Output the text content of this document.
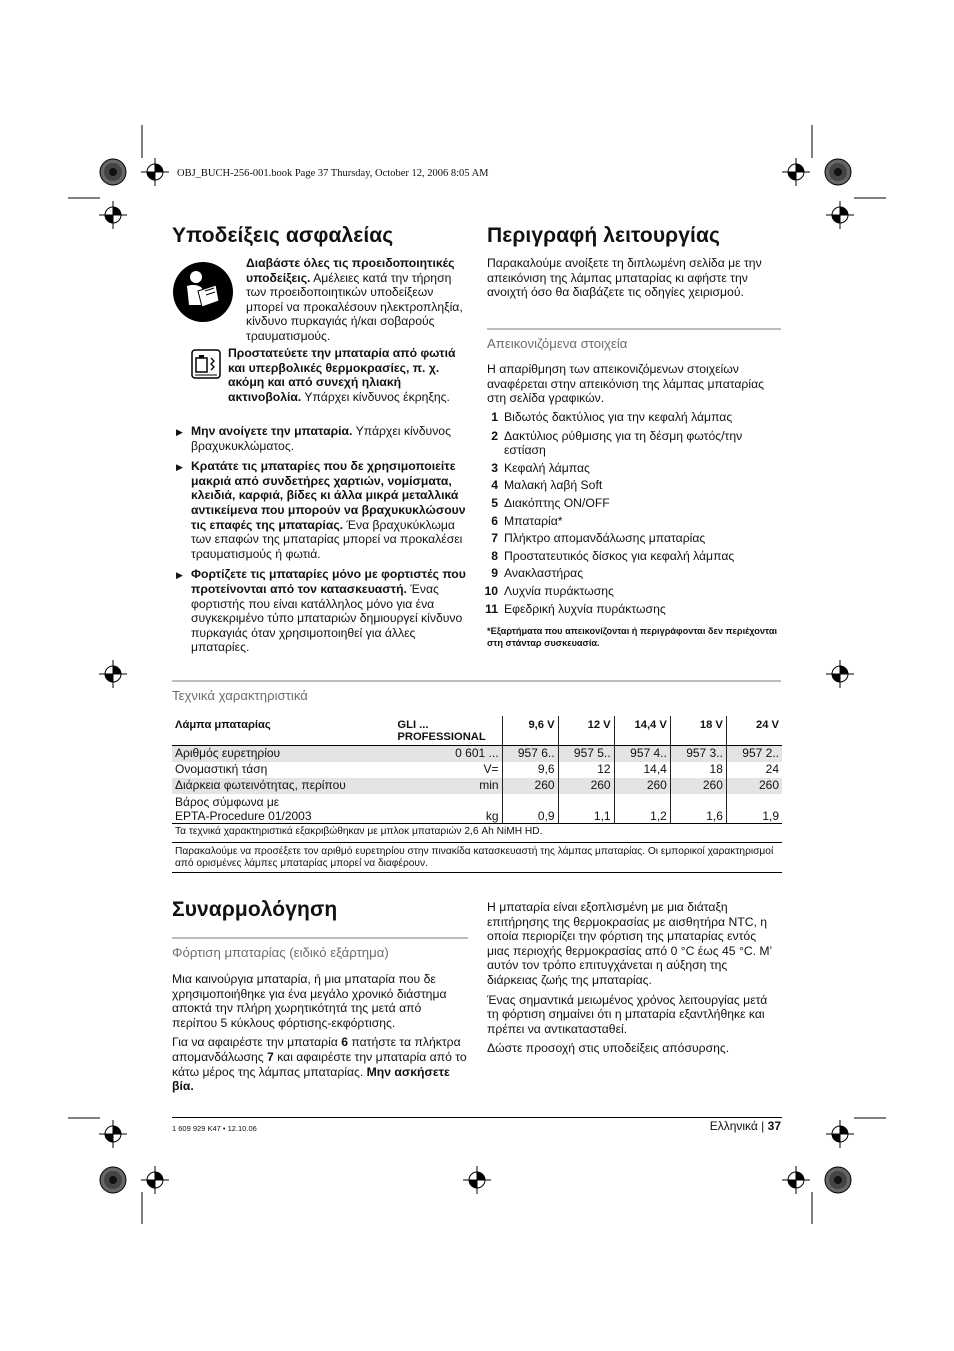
OBJ_BUCH-256-001.book Page 37 Thursday, October 12, 2006 8:05 AM
Υποδείξεις ασφαλείας
Διαβάστε όλες τις προειδοποιητικές υποδείξεις. Αμέλειες κατά την τήρηση των προειδοποιητικών υποδείξεων μπορεί να προκαλέσουν ηλεκτροπληξία, κίνδυνο πυρκαγιάς ή/και σοβαρούς τραυματισμούς.
Προστατεύετε την μπαταρία από φωτιά και υπερβολικές θερμοκρασίες, π. χ. ακόμη και από συνεχή ηλιακή ακτινοβολία. Υπάρχει κίνδυνος έκρηξης.
▶ Μην ανοίγετε την μπαταρία. Υπάρχει κίνδυνος βραχυκυκλώματος.
▶ Κρατάτε τις μπαταρίες που δε χρησιμοποιείτε μακριά από συνδετήρες χαρτιών, νομίσματα, κλειδιά, καρφιά, βίδες κι άλλα μικρά μεταλλικά αντικείμενα που μπορούν να βραχυκυκλώσουν τις επαφές της μπαταρίας. Ένα βραχυκύκλωμα των επαφών της μπαταρίας μπορεί να προκαλέσει τραυματισμούς ή φωτιά.
▶ Φορτίζετε τις μπαταρίες μόνο με φορτιστές που προτείνονται από τον κατασκευαστή. Ένας φορτιστής που είναι κατάλληλος μόνο για ένα συγκεκριμένο τύπο μπαταριών δημιουργεί κίνδυνο πυρκαγιάς όταν χρησιμοποιηθεί για άλλες μπαταρίες.
Περιγραφή λειτουργίας
Παρακαλούμε ανοίξετε τη διπλωμένη σελίδα με την απεικόνιση της λάμπας μπαταρίας κι αφήστε την ανοιχτή όσο θα διαβάζετε τις οδηγίες χειρισμού.
Απεικονιζόμενα στοιχεία
Η απαρίθμηση των απεικονιζόμενων στοιχείων αναφέρεται στην απεικόνιση της λάμπας μπαταρίας στη σελίδα γραφικών.
1 Βιδωτός δακτύλιος για την κεφαλή λάμπας
2 Δακτύλιος ρύθμισης για τη δέσμη φωτός/την εστίαση
3 Κεφαλή λάμπας
4 Μαλακή λαβή Soft
5 Διακόπτης ON/OFF
6 Μπαταρία*
7 Πλήκτρο απομανδάλωσης μπαταρίας
8 Προστατευτικός δίσκος για κεφαλή λάμπας
9 Ανακλαστήρας
10 Λυχνία πυράκτωσης
11 Εφεδρική λυχνία πυράκτωσης
*Εξαρτήματα που απεικονίζονται ή περιγράφονται δεν περιέχονται στη στάνταρ συσκευασία.
Τεχνικά χαρακτηριστικά
Λάμπα μπαταρίας	GLI ...
PROFESSIONAL	9,6 V	12 V	14,4 V	18 V	24 V
Αριθμός ευρετηρίου	0 601 ...	957 6..	957 5..	957 4..	957 3..	957 2..
Ονομαστική τάση	V=	9,6	12	14,4	18	24
Διάρκεια φωτεινότητας, περίπου	min	260	260	260	260	260
Βάρος σύμφωνα με
EPTA-Procedure 01/2003	kg	0,9	1,1	1,2	1,6	1,9
Τα τεχνικά χαρακτηριστικά εξακριβώθηκαν με μπλοκ μπαταριών 2,6 Ah NiMH HD.						
Παρακαλούμε να προσέξετε τον αριθμό ευρετηρίου στην πινακίδα κατασκευαστή της λάμπας μπαταρίας. Οι εμπορικοί χαρακτηρισμοί από ορισμένες λάμπες μπαταρίας μπορεί να διαφέρουν.						
Συναρμολόγηση
Φόρτιση μπαταρίας (ειδικό εξάρτημα)

Μια καινούργια μπαταρία, ή μια μπαταρία που δε χρησιμοποιήθηκε για ένα μεγάλο χρονικό διάστημα αποκτά την πλήρη χωρητικότητά της μετά από περίπου 5 κύκλους φόρτισης-εκφόρτισης.

Για να αφαιρέστε την μπαταρία 6 πατήστε τα πλήκτρα απομανδάλωσης 7 και αφαιρέστε την μπαταρία από το κάτω μέρος της λάμπας μπαταρίας. Μην ασκήσετε βία.

Η μπαταρία είναι εξοπλισμένη με μια διάταξη επιτήρησης της θερμοκρασίας με αισθητήρα NTC, η οποία περιορίζει την φόρτιση της μπαταρίας εντός μιας περιοχής θερμοκρασίας από 0 °C έως 45 °C. Μ’ αυτόν τον τρόπο επιτυγχάνεται η αύξηση της διάρκειας ζωής της μπαταρίας.

Ένας σημαντικά μειωμένος χρόνος λειτουργίας μετά τη φόρτιση σημαίνει ότι η μπαταρία εξαντλήθηκε και πρέπει να αντικατασταθεί.

Δώστε προσοχή στις υποδείξεις απόσυρσης.

1 609 929 K47 • 12.10.06	Ελληνικά | 37
